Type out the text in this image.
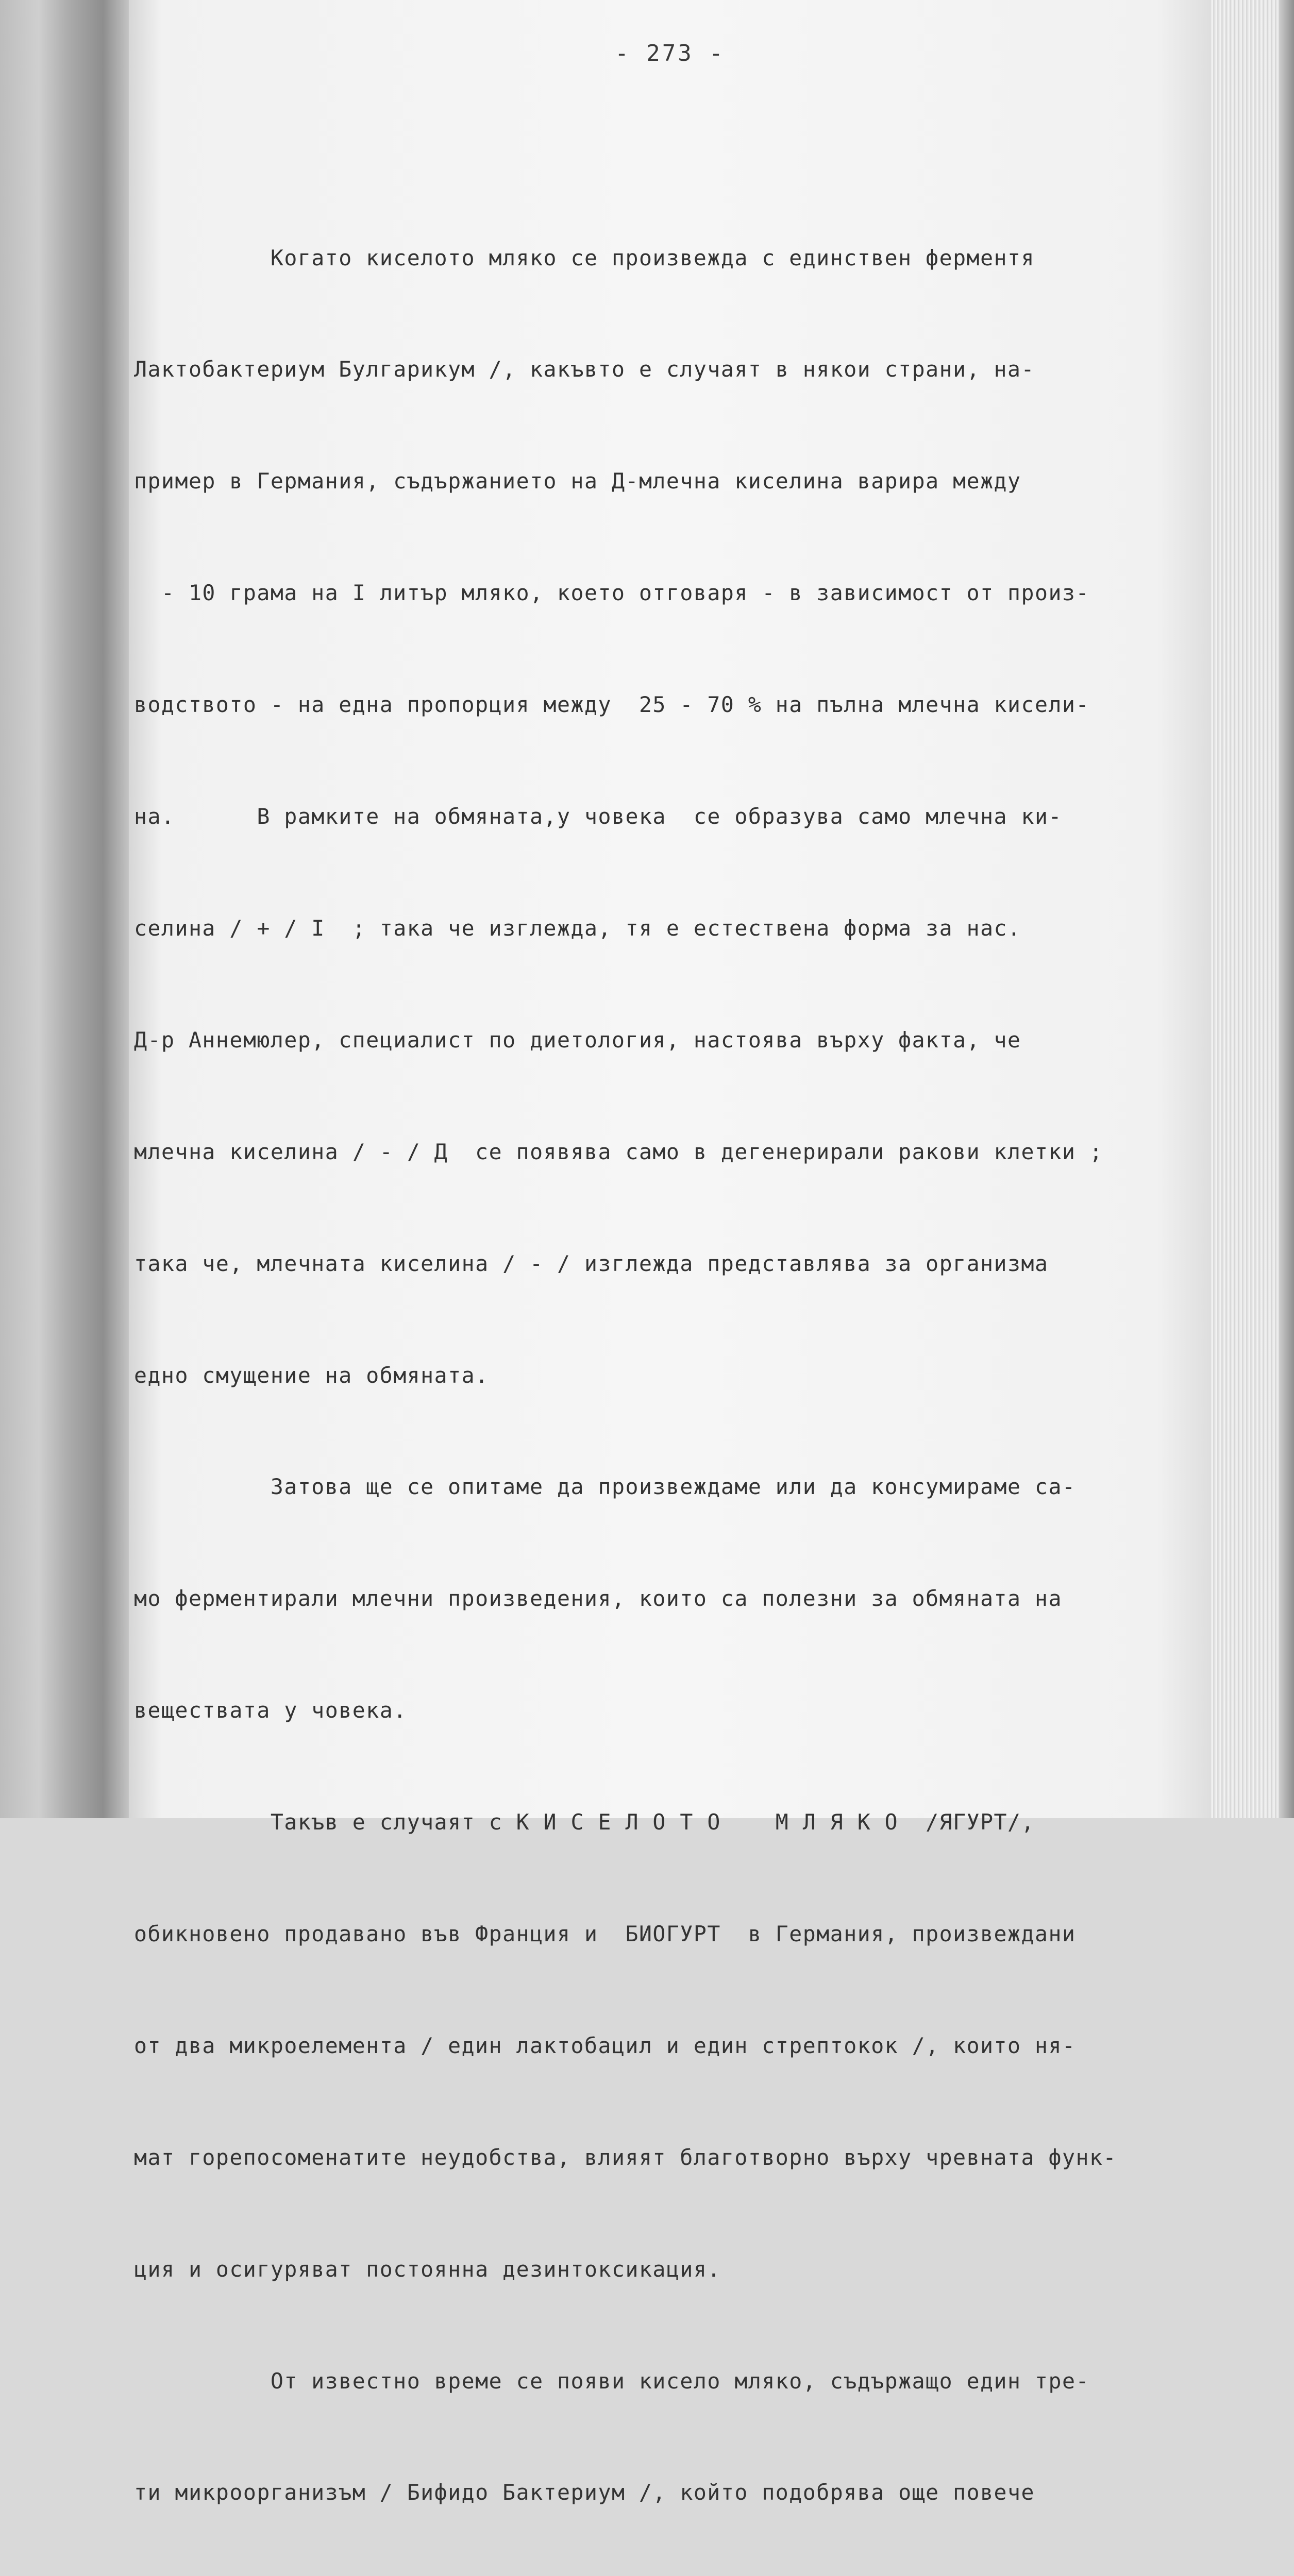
- 273 -

Когато киселото мляко се произвежда с единствен ферментя

Лактобактериум Булгарикум /, какъвто е случаят в някои страни, на-

пример в Германия, съдържанието на Д-млечна киселина варира между

- 10 грама на I литър мляко, което отговаря - в зависимост от произ-

водството - на една пропорция между  25 - 70 % на пълна млечна кисели-

на.      В рамките на обмяната,у човека  се образува само млечна ки-

селина / + / I  ; така че изглежда, тя е естествена форма за нас.

Д-р Аннемюлер, специалист по диетология, настоява върху факта, че

млечна киселина / - / Д  се появява само в дегенерирали ракови клетки ;

така че, млечната киселина / - / изглежда представлява за организма

едно смущение на обмяната.

Затова ще се опитаме да произвеждаме или да консумираме са-

мо ферментирали млечни произведения, които са полезни за обмяната на

веществата у човека.

Такъв е случаят с К И С Е Л О Т О    М Л Я К О  /ЯГУРТ/,

обикновено продавано във Франция и  БИОГУРТ  в Германия, произвеждани

от два микроелемента / един лактобацил и един стрептокок /, които ня-

мат горепосоменатите неудобства, влияят благотворно върху чревната функ-

ция и осигуряват постоянна дезинтоксикация.

От известно време се появи кисело мляко, съдържащо един тре-

ти микроорганизъм / Бифидо Бактериум /, който подобрява още повече
